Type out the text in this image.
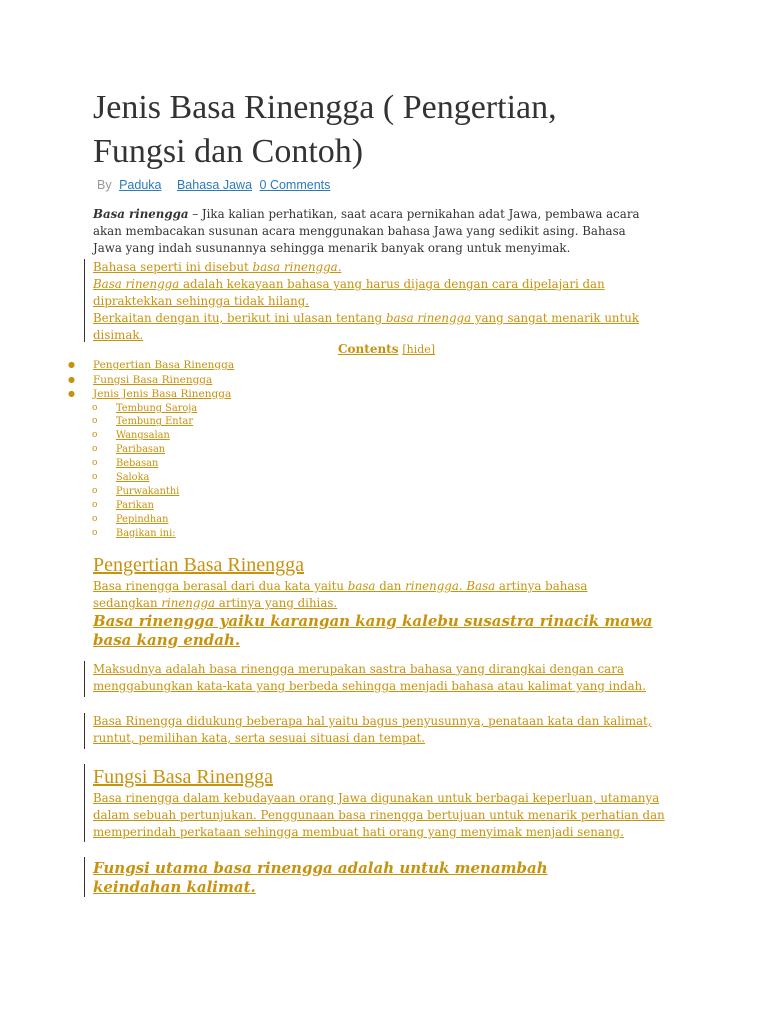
Jenis Basa Rinengga ( Pengertian, Fungsi dan Contoh)
By Paduka Bahasa Jawa 0 Comments
Basa rinengga – Jika kalian perhatikan, saat acara pernikahan adat Jawa, pembawa acara akan membacakan susunan acara menggunakan bahasa Jawa yang sedikit asing. Bahasa Jawa yang indah susunannya sehingga menarik banyak orang untuk menyimak.
Bahasa seperti ini disebut basa rinengga.
Basa rinengga adalah kekayaan bahasa yang harus dijaga dengan cara dipelajari dan dipraktekkan sehingga tidak hilang.
Berkaitan dengan itu, berikut ini ulasan tentang basa rinengga yang sangat menarik untuk disimak.
Contents [hide]
● Pengertian Basa Rinengga
● Fungsi Basa Rinengga
● Jenis Jenis Basa Rinengga
o Tembung Saroja
o Tembung Entar
o Wangsalan
o Paribasan
o Bebasan
o Saloka
o Purwakanthi
o Parikan
o Pepindhan
o Bagikan ini:
Pengertian Basa Rinengga
Basa rinengga berasal dari dua kata yaitu basa dan rinengga. Basa artinya bahasa sedangkan rinengga artinya yang dihias.
Basa rinengga yaiku karangan kang kalebu susastra rinacik mawa basa kang endah.
Maksudnya adalah basa rinengga merupakan sastra bahasa yang dirangkai dengan cara menggabungkan kata-kata yang berbeda sehingga menjadi bahasa atau kalimat yang indah.
Basa Rinengga didukung beberapa hal yaitu bagus penyusunnya, penataan kata dan kalimat, runtut, pemilihan kata, serta sesuai situasi dan tempat.
Fungsi Basa Rinengga
Basa rinengga dalam kebudayaan orang Jawa digunakan untuk berbagai keperluan, utamanya dalam sebuah pertunjukan. Penggunaan basa rinengga bertujuan untuk menarik perhatian dan memperindah perkataan sehingga membuat hati orang yang menyimak menjadi senang.
Fungsi utama basa rinengga adalah untuk menambah keindahan kalimat.
